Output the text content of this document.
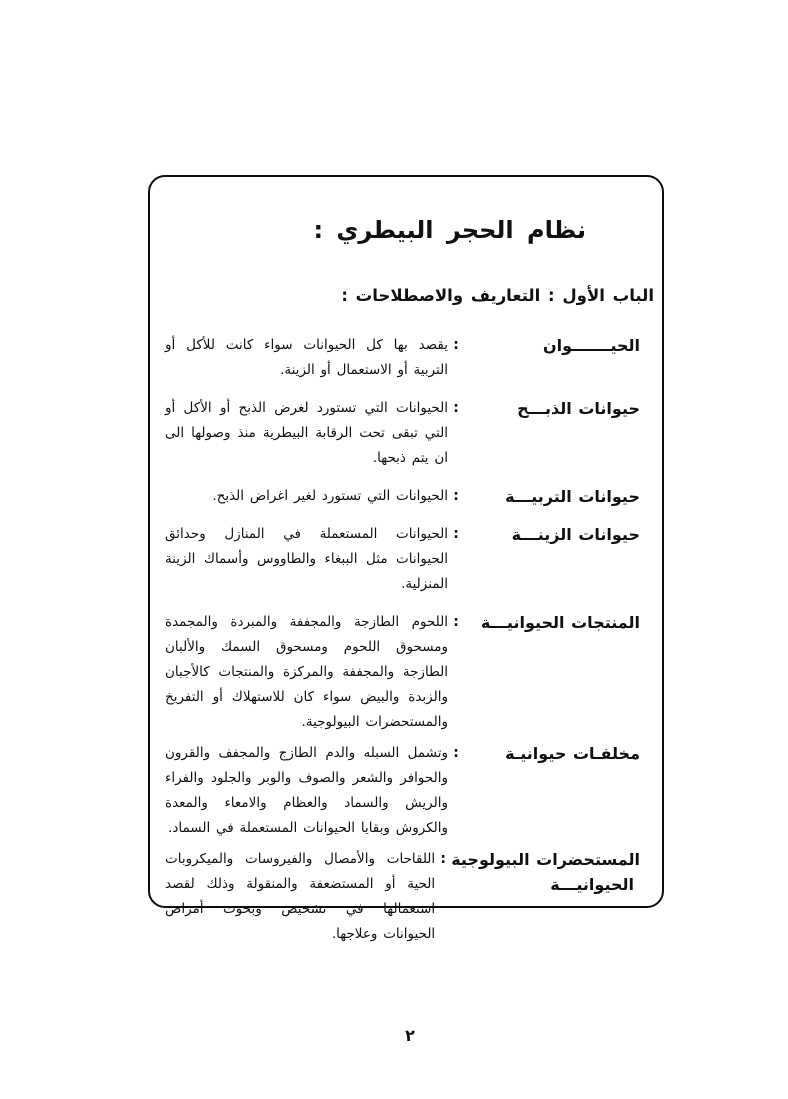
نظام الحجر البيطري :
الباب الأول : التعاريف والاصطلاحات :
الحيـــــــوان
:
يقصد بها كل الحيوانات سواء كانت للأكل أو التربية أو الاستعمال أو الزينة.
حيوانات الذبـــح
:
الحيوانات التي تستورد لغرض الذبح أو الأكل أو التي تبقى تحت الرقابة البيطرية منذ وصولها الى ان يتم ذبحها.
حيوانات التربيـــة
:
الحيوانات التي تستورد لغير اغراض الذبح.
حيوانات الزينـــة
:
الحيوانات المستعملة في المنازل وحدائق الحيوانات مثل الببغاء والطاووس وأسماك الزينة المنزلية.
المنتجات الحيوانيـــة
:
اللحوم الطازجة والمجففة والمبردة والمجمدة ومسحوق اللحوم ومسحوق السمك والألبان الطازجة والمجففة والمركزة والمنتجات كالأجبان والزبدة والبيض سواء كان للاستهلاك أو التفريخ والمستحضرات البيولوجية.
مخلفـات حيوانيـة
:
وتشمل السبله والدم الطازج والمجفف والقرون والحوافر والشعر والصوف والوبر والجلود والفراء والريش والسماد والعظام والامعاء والمعدة والكروش وبقايا الحيوانات المستعملة في السماد.
المستحضرات البيولوجية
الحيوانيـــة
:
اللقاحات والأمصال والفيروسات والميكروبات الحية أو المستضعفة والمنقولة وذلك لقصد استعمالها في تشخيص وبحوث أمراض الحيوانات وعلاجها.
٢
